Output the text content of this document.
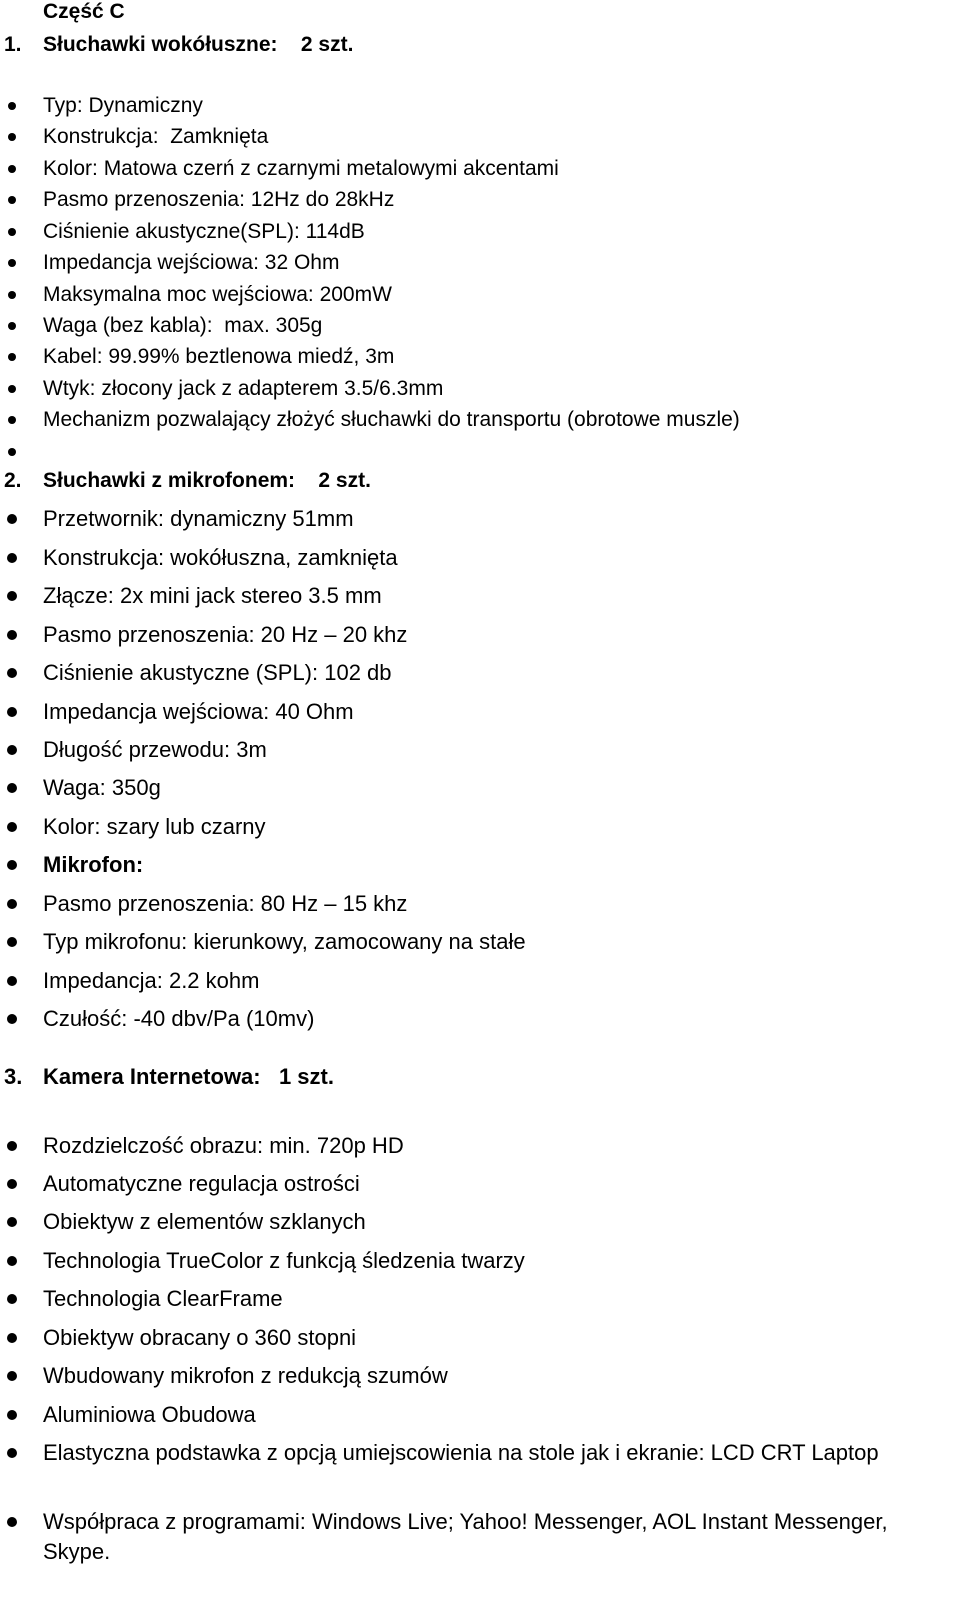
Część C
1. Słuchawki wokółuszne:    2 szt.
Typ: Dynamiczny
Konstrukcja:  Zamknięta
Kolor: Matowa czerń z czarnymi metalowymi akcentami
Pasmo przenoszenia: 12Hz do 28kHz
Ciśnienie akustyczne(SPL): 114dB
Impedancja wejściowa: 32 Ohm
Maksymalna moc wejściowa: 200mW
Waga (bez kabla):  max. 305g
Kabel: 99.99% beztlenowa miedź, 3m
Wtyk: złocony jack z adapterem 3.5/6.3mm
Mechanizm pozwalający złożyć słuchawki do transportu (obrotowe muszle)
2. Słuchawki z mikrofonem:    2 szt.
Przetwornik: dynamiczny 51mm
Konstrukcja: wokółuszna, zamknięta
Złącze: 2x mini jack stereo 3.5 mm
Pasmo przenoszenia: 20 Hz – 20 khz
Ciśnienie akustyczne (SPL): 102 db
Impedancja wejściowa: 40 Ohm
Długość przewodu: 3m
Waga: 350g
Kolor: szary lub czarny
Mikrofon:
Pasmo przenoszenia: 80 Hz – 15 khz
Typ mikrofonu: kierunkowy, zamocowany na stałe
Impedancja: 2.2 kohm
Czułość: -40 dbv/Pa (10mv)
3. Kamera Internetowa:   1 szt.
Rozdzielczość obrazu: min. 720p HD
Automatyczne regulacja ostrości
Obiektyw z elementów szklanych
Technologia TrueColor z funkcją śledzenia twarzy
Technologia ClearFrame
Obiektyw obracany o 360 stopni
Wbudowany mikrofon z redukcją szumów
Aluminiowa Obudowa
Elastyczna podstawka z opcją umiejscowienia na stole jak i ekranie: LCD CRT Laptop
Współpraca z programami: Windows Live; Yahoo! Messenger, AOL Instant Messenger, Skype.
